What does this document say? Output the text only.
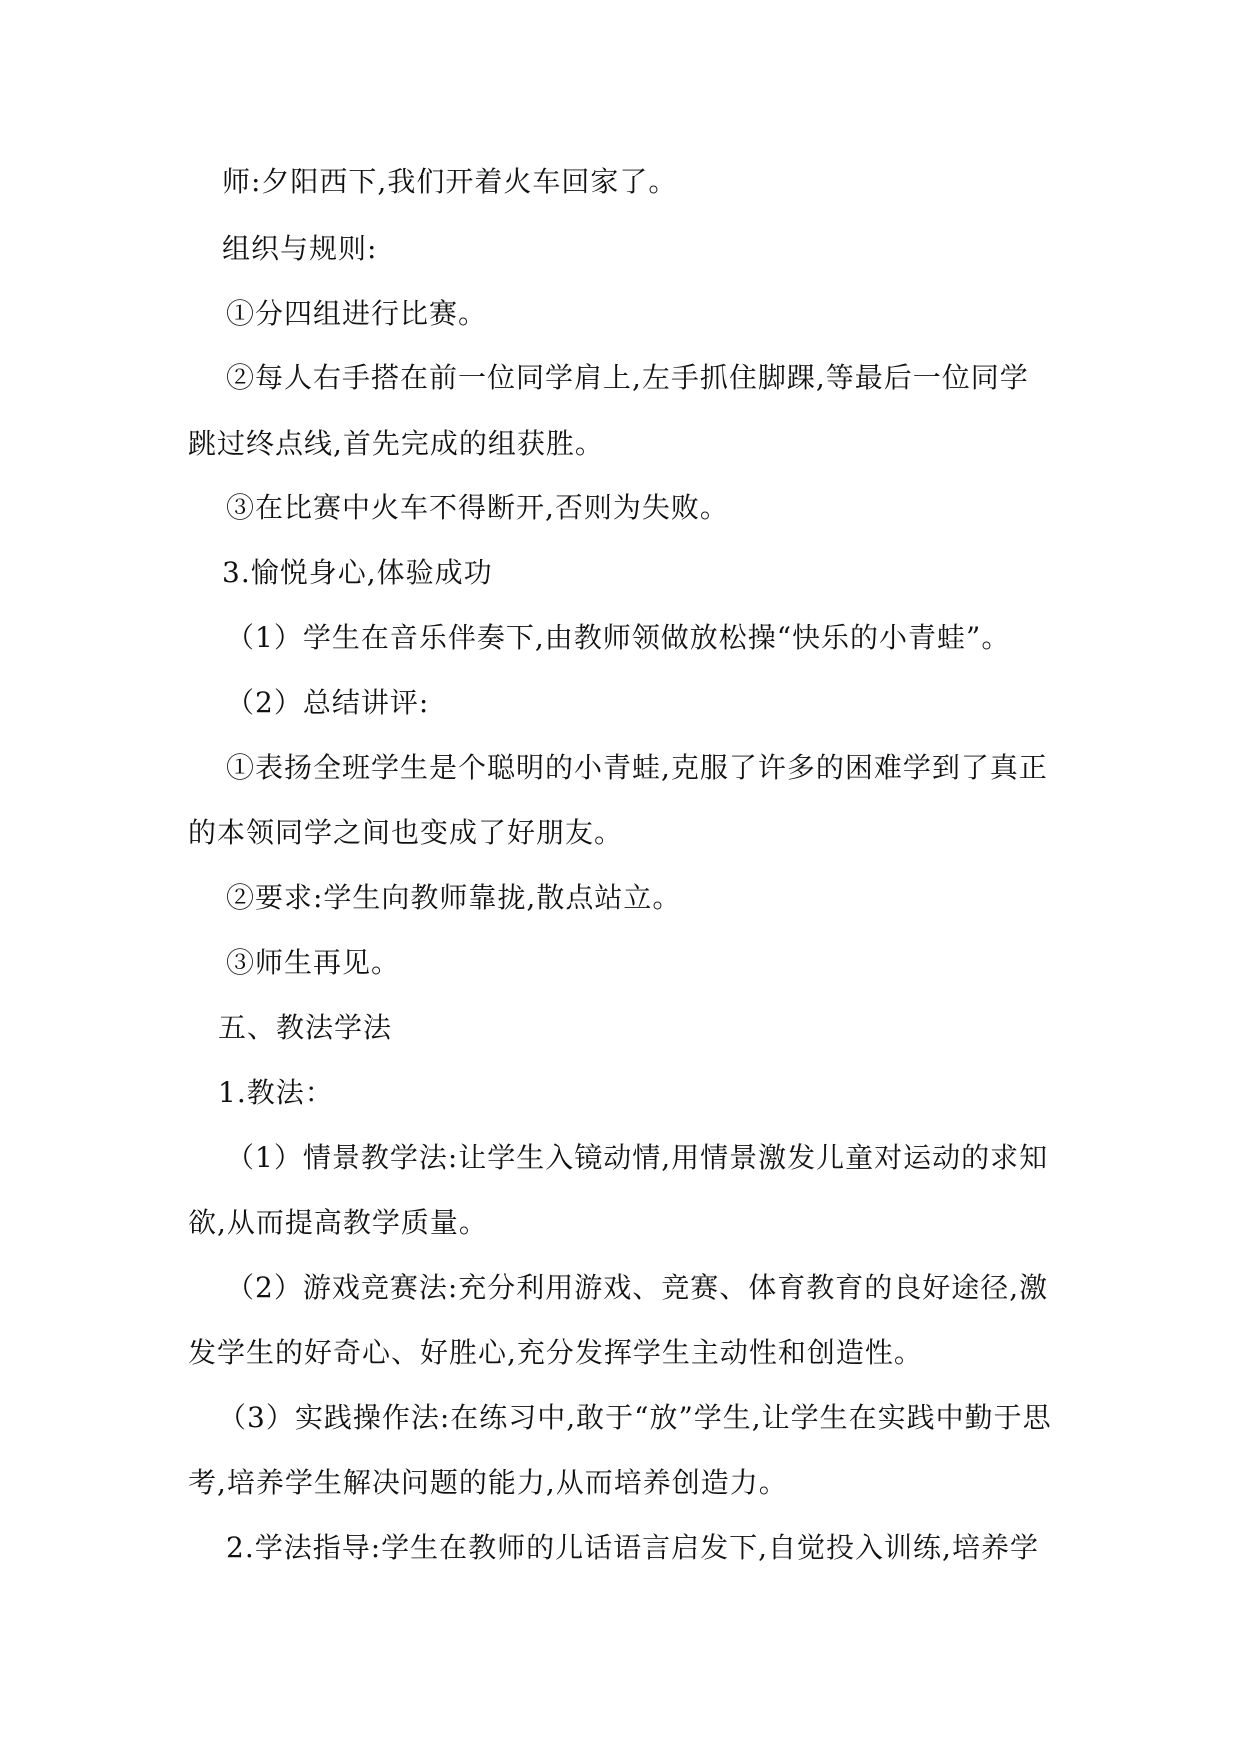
师:夕阳西下,我们开着火车回家了。
组织与规则:
①分四组进行比赛。
②每人右手搭在前一位同学肩上,左手抓住脚踝,等最后一位同学
跳过终点线,首先完成的组获胜。
③在比赛中火车不得断开,否则为失败。
3.愉悦身心,体验成功
（1）学生在音乐伴奏下,由教师领做放松操“快乐的小青蛙”。
（2）总结讲评:
①表扬全班学生是个聪明的小青蛙,克服了许多的困难学到了真正
的本领同学之间也变成了好朋友。
②要求:学生向教师靠拢,散点站立。
③师生再见。
五、教法学法
1.教法：
（1）情景教学法:让学生入镜动情,用情景激发儿童对运动的求知
欲,从而提高教学质量。
（2）游戏竞赛法:充分利用游戏、竞赛、体育教育的良好途径,激
发学生的好奇心、好胜心,充分发挥学生主动性和创造性。
（3）实践操作法:在练习中,敢于“放”学生,让学生在实践中勤于思
考,培养学生解决问题的能力,从而培养创造力。
2.学法指导:学生在教师的儿话语言启发下,自觉投入训练,培养学
